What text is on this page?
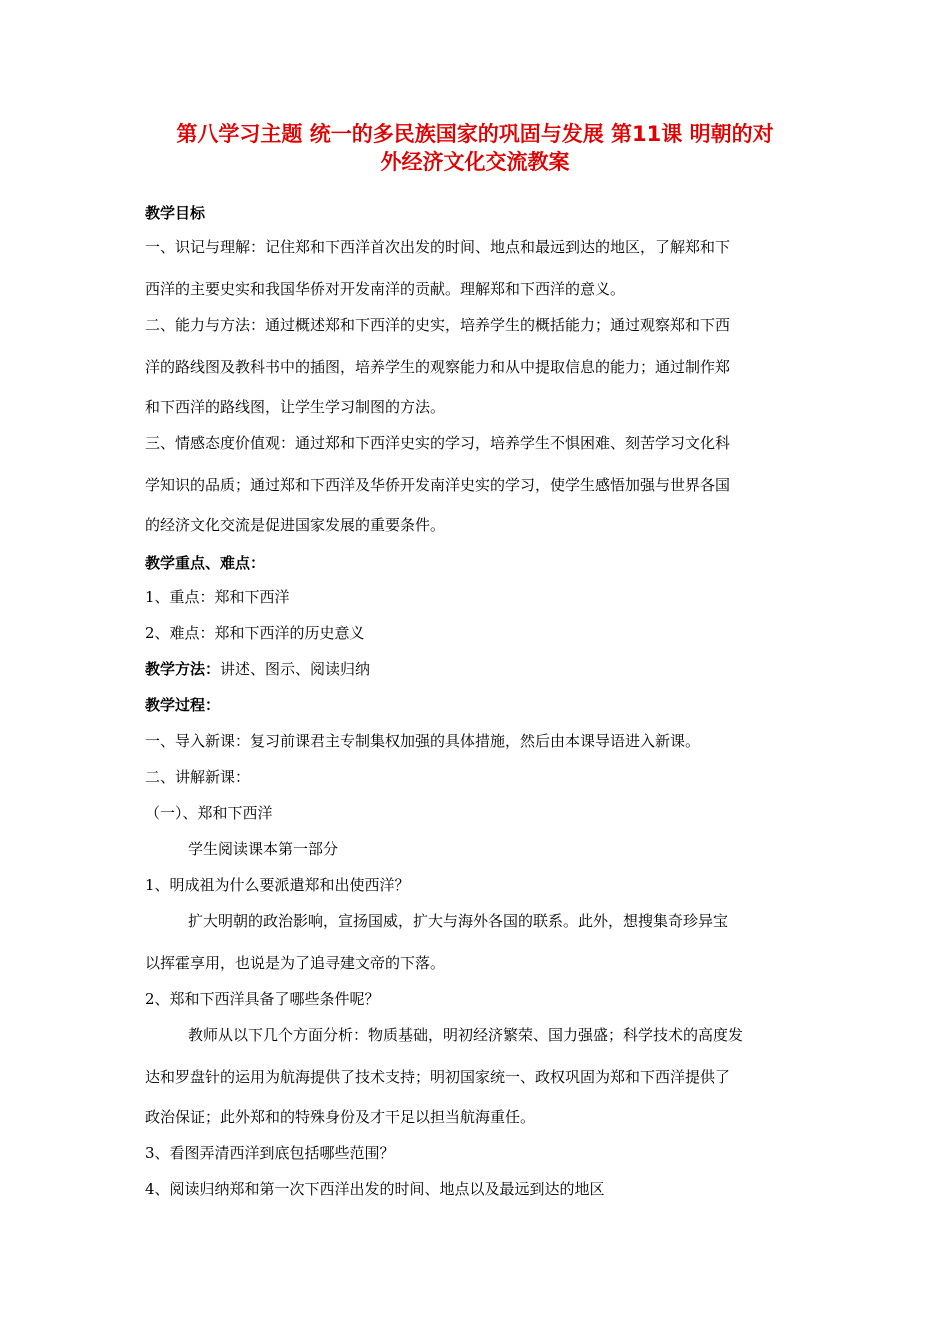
第八学习主题 统一的多民族国家的巩固与发展 第11课 明朝的对
外经济文化交流教案

教学目标

一、识记与理解：记住郑和下西洋首次出发的时间、地点和最远到达的地区，了解郑和下

西洋的主要史实和我国华侨对开发南洋的贡献。理解郑和下西洋的意义。

二、能力与方法：通过概述郑和下西洋的史实，培养学生的概括能力；通过观察郑和下西

洋的路线图及教科书中的插图，培养学生的观察能力和从中提取信息的能力；通过制作郑

和下西洋的路线图，让学生学习制图的方法。

三、情感态度价值观：通过郑和下西洋史实的学习，培养学生不惧困难、刻苦学习文化科

学知识的品质；通过郑和下西洋及华侨开发南洋史实的学习，使学生感悟加强与世界各国

的经济文化交流是促进国家发展的重要条件。

教学重点、难点：

1、重点：郑和下西洋

2、难点：郑和下西洋的历史意义

教学方法：讲述、图示、阅读归纳

教学过程：

一、导入新课：复习前课君主专制集权加强的具体措施，然后由本课导语进入新课。

二、讲解新课：

（一）、郑和下西洋

学生阅读课本第一部分

1、明成祖为什么要派遣郑和出使西洋？

扩大明朝的政治影响，宣扬国威，扩大与海外各国的联系。此外，想搜集奇珍异宝

以挥霍享用，也说是为了追寻建文帝的下落。

2、郑和下西洋具备了哪些条件呢？

教师从以下几个方面分析：物质基础，明初经济繁荣、国力强盛；科学技术的高度发

达和罗盘针的运用为航海提供了技术支持；明初国家统一、政权巩固为郑和下西洋提供了

政治保证；此外郑和的特殊身份及才干足以担当航海重任。

3、看图弄清西洋到底包括哪些范围？

4、阅读归纳郑和第一次下西洋出发的时间、地点以及最远到达的地区
